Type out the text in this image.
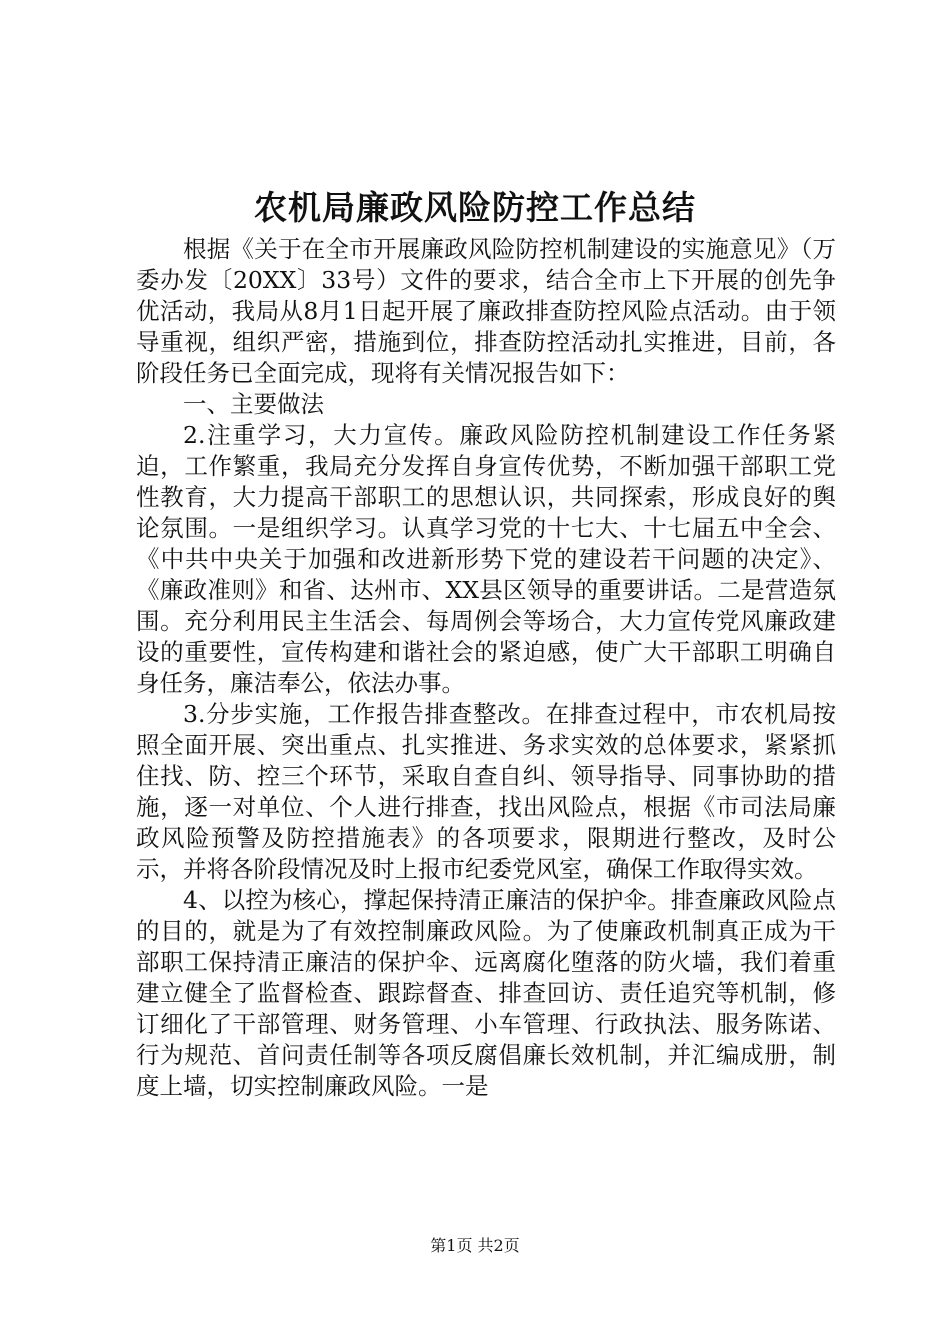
农机局廉政风险防控工作总结

根据《关于在全市开展廉政风险防控机制建设的实施意见》（万委办发〔20XX〕33号）文件的要求，结合全市上下开展的创先争优活动，我局从8月1日起开展了廉政排查防控风险点活动。由于领导重视，组织严密，措施到位，排查防控活动扎实推进，目前，各阶段任务已全面完成，现将有关情况报告如下：

一、主要做法

2.注重学习，大力宣传。廉政风险防控机制建设工作任务紧迫，工作繁重，我局充分发挥自身宣传优势，不断加强干部职工党性教育，大力提高干部职工的思想认识，共同探索，形成良好的舆论氛围。一是组织学习。认真学习党的十七大、十七届五中全会、《中共中央关于加强和改进新形势下党的建设若干问题的决定》、《廉政准则》和省、达州市、XX县区领导的重要讲话。二是营造氛围。充分利用民主生活会、每周例会等场合，大力宣传党风廉政建设的重要性，宣传构建和谐社会的紧迫感，使广大干部职工明确自身任务，廉洁奉公，依法办事。

3.分步实施，工作报告排查整改。在排查过程中，市农机局按照全面开展、突出重点、扎实推进、务求实效的总体要求，紧紧抓住找、防、控三个环节，采取自查自纠、领导指导、同事协助的措施，逐一对单位、个人进行排查，找出风险点，根据《市司法局廉政风险预警及防控措施表》的各项要求，限期进行整改，及时公示，并将各阶段情况及时上报市纪委党风室，确保工作取得实效。

4、以控为核心，撑起保持清正廉洁的保护伞。排查廉政风险点的目的，就是为了有效控制廉政风险。为了使廉政机制真正成为干部职工保持清正廉洁的保护伞、远离腐化堕落的防火墙，我们着重建立健全了监督检查、跟踪督查、排查回访、责任追究等机制，修订细化了干部管理、财务管理、小车管理、行政执法、服务陈诺、行为规范、首问责任制等各项反腐倡廉长效机制，并汇编成册，制度上墙，切实控制廉政风险。一是

第1页 共2页
